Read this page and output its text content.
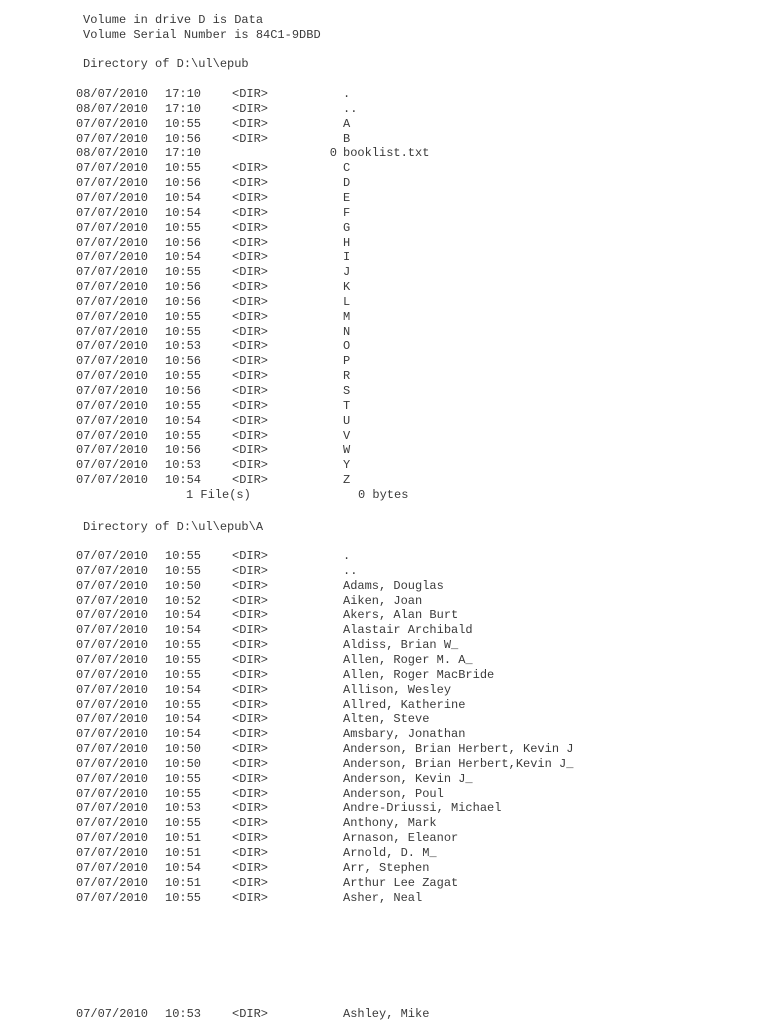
Volume in drive D is Data
Volume Serial Number is 84C1-9DBD
Directory of D:\ul\epub
08/07/2010 17:10	<DIR>	.
08/07/2010 17:10	<DIR>	..
07/07/2010 10:55	<DIR>	A
07/07/2010 10:56	<DIR>	B
08/07/2010 17:10	0 booklist.txt
07/07/2010 10:55	<DIR>	C
07/07/2010 10:56	<DIR>	D
07/07/2010 10:54	<DIR>	E
07/07/2010 10:54	<DIR>	F
07/07/2010 10:55	<DIR>	G
07/07/2010 10:56	<DIR>	H
07/07/2010 10:54	<DIR>	I
07/07/2010 10:55	<DIR>	J
07/07/2010 10:56	<DIR>	K
07/07/2010 10:56	<DIR>	L
07/07/2010 10:55	<DIR>	M
07/07/2010 10:55	<DIR>	N
07/07/2010 10:53	<DIR>	O
07/07/2010 10:56	<DIR>	P
07/07/2010 10:55	<DIR>	R
07/07/2010 10:56	<DIR>	S
07/07/2010 10:55	<DIR>	T
07/07/2010 10:54	<DIR>	U
07/07/2010 10:55	<DIR>	V
07/07/2010 10:56	<DIR>	W
07/07/2010 10:53	<DIR>	Y
07/07/2010 10:54	<DIR>	Z
1 File(s)	0 bytes
Directory of D:\ul\epub\A
07/07/2010 10:55	<DIR>	.
07/07/2010 10:55	<DIR>	..
07/07/2010 10:50	<DIR>	Adams, Douglas
07/07/2010 10:52	<DIR>	Aiken, Joan
07/07/2010 10:54	<DIR>	Akers, Alan Burt
07/07/2010 10:54	<DIR>	Alastair Archibald
07/07/2010 10:55	<DIR>	Aldiss, Brian W_
07/07/2010 10:55	<DIR>	Allen, Roger M. A_
07/07/2010 10:55	<DIR>	Allen, Roger MacBride
07/07/2010 10:54	<DIR>	Allison, Wesley
07/07/2010 10:55	<DIR>	Allred, Katherine
07/07/2010 10:54	<DIR>	Alten, Steve
07/07/2010 10:54	<DIR>	Amsbary, Jonathan
07/07/2010 10:50	<DIR>	Anderson, Brian Herbert, Kevin J
07/07/2010 10:50	<DIR>	Anderson, Brian Herbert,Kevin J_
07/07/2010 10:55	<DIR>	Anderson, Kevin J_
07/07/2010 10:55	<DIR>	Anderson, Poul
07/07/2010 10:53	<DIR>	Andre-Driussi, Michael
07/07/2010 10:55	<DIR>	Anthony, Mark
07/07/2010 10:51	<DIR>	Arnason, Eleanor
07/07/2010 10:51	<DIR>	Arnold, D. M_
07/07/2010 10:54	<DIR>	Arr, Stephen
07/07/2010 10:51	<DIR>	Arthur Lee Zagat
07/07/2010 10:55	<DIR>	Asher, Neal
07/07/2010 10:53	<DIR>	Ashley, Mike
